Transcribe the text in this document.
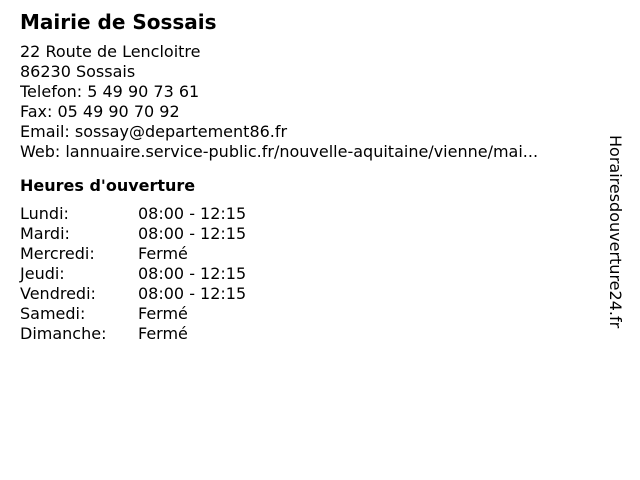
Mairie de Sossais
22 Route de Lencloitre
86230 Sossais
Telefon: 5 49 90 73 61
Fax: 05 49 90 70 92
Email: sossay@departement86.fr
Web: lannuaire.service-public.fr/nouvelle-aquitaine/vienne/mai...
Heures d'ouverture
Lundi:	08:00 - 12:15
Mardi:	08:00 - 12:15
Mercredi:	Fermé
Jeudi:	08:00 - 12:15
Vendredi:	08:00 - 12:15
Samedi:	Fermé
Dimanche:	Fermé
Horairesdouverture24.fr
